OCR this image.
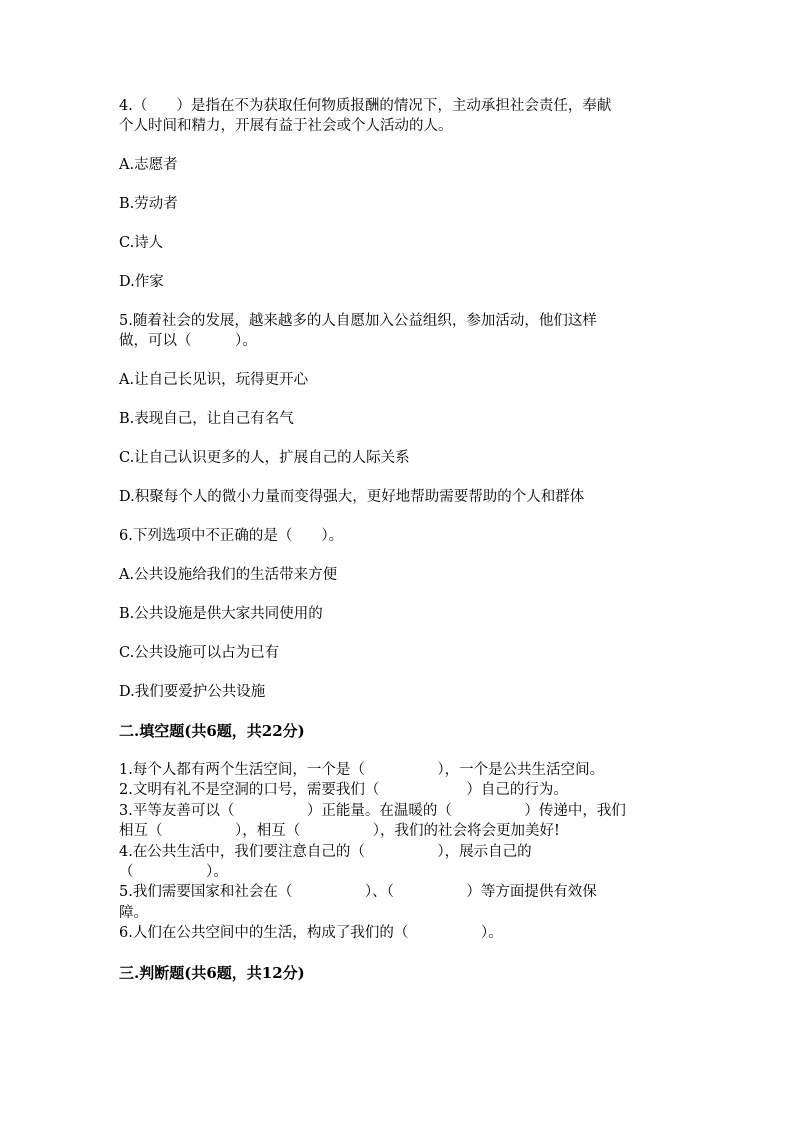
4.（　　）是指在不为获取任何物质报酬的情况下，主动承担社会责任，奉献
个人时间和精力，开展有益于社会或个人活动的人。
A.志愿者
B.劳动者
C.诗人
D.作家
5.随着社会的发展，越来越多的人自愿加入公益组织，参加活动，他们这样
做，可以（　　　）。
A.让自己长见识，玩得更开心
B.表现自己，让自己有名气
C.让自己认识更多的人，扩展自己的人际关系
D.积聚每个人的微小力量而变得强大，更好地帮助需要帮助的个人和群体
6.下列选项中不正确的是（　　）。
A.公共设施给我们的生活带来方便
B.公共设施是供大家共同使用的
C.公共设施可以占为已有
D.我们要爱护公共设施
二.填空题(共6题，共22分)
1.每个人都有两个生活空间，一个是（　　　　　），一个是公共生活空间。
2.文明有礼不是空洞的口号，需要我们（　　　　　　）自己的行为。
3.平等友善可以（　　　　　）正能量。在温暖的（　　　　　）传递中，我们
相互（　　　　　），相互（　　　　　），我们的社会将会更加美好!
4.在公共生活中，我们要注意自己的（　　　　　），展示自己的
（　　　　　）。
5.我们需要国家和社会在（　　　　　）、（　　　　　）等方面提供有效保
障。
6.人们在公共空间中的生活，构成了我们的（　　　　　）。
三.判断题(共6题，共12分)
